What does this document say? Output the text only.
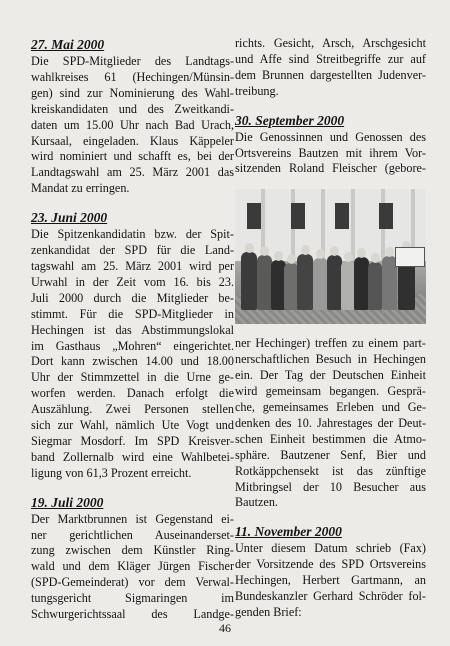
27. Mai 2000
Die SPD-Mitglieder des Landtags-
wahlkreises 61 (Hechingen/Münsin-
gen) sind zur Nominierung des Wahl-
kreiskandidaten und des Zweitkandi-
daten um 15.00 Uhr nach Bad Urach,
Kursaal, eingeladen. Klaus Käppeler
wird nominiert und schafft es, bei der
Landtagswahl am 25. März 2001 das
Mandat zu erringen.
23. Juni 2000
Die Spitzenkandidatin bzw. der Spit-
zenkandidat der SPD für die Land-
tagswahl am 25. März 2001 wird per
Urwahl in der Zeit vom 16. bis 23.
Juli 2000 durch die Mitglieder be-
stimmt. Für die SPD-Mitglieder in
Hechingen ist das Abstimmungslokal
im Gasthaus „Mohren“ eingerichtet.
Dort kann zwischen 14.00 und 18.00
Uhr der Stimmzettel in die Urne ge-
worfen werden. Danach erfolgt die
Auszählung. Zwei Personen stellen
sich zur Wahl, nämlich Ute Vogt und
Siegmar Mosdorf. Im SPD Kreisver-
band Zollernalb wird eine Wahlbetei-
ligung von 61,3 Prozent erreicht.
19. Juli 2000
Der Marktbrunnen ist Gegenstand ei-
ner gerichtlichen Auseinanderset-
zung zwischen dem Künstler Ring-
wald und dem Kläger Jürgen Fischer
(SPD-Gemeinderat) vor dem Verwal-
tungsgericht Sigmaringen im
Schwurgerichtssaal des Landge-
richts. Gesicht, Arsch, Arschgesicht
und Affe sind Streitbegriffe zur auf
dem Brunnen dargestellten Judenver-
treibung.
30. September 2000
Die Genossinnen und Genossen des
Ortsvereins Bautzen mit ihrem Vor-
sitzenden Roland Fleischer (gebore-
ner Hechinger) treffen zu einem part-
nerschaftlichen Besuch in Hechingen
ein. Der Tag der Deutschen Einheit
wird gemeinsam begangen. Gesprä-
che, gemeinsames Erleben und Ge-
denken des 10. Jahrestages der Deut-
schen Einheit bestimmen die Atmo-
sphäre. Bautzener Senf, Bier und
Rotkäppchensekt ist das zünftige
Mitbringsel der 10 Besucher aus
Bautzen.
11. November 2000
Unter diesem Datum schrieb (Fax)
der Vorsitzende des SPD Ortsvereins
Hechingen, Herbert Gartmann, an
Bundeskanzler Gerhard Schröder fol-
genden Brief:
46
